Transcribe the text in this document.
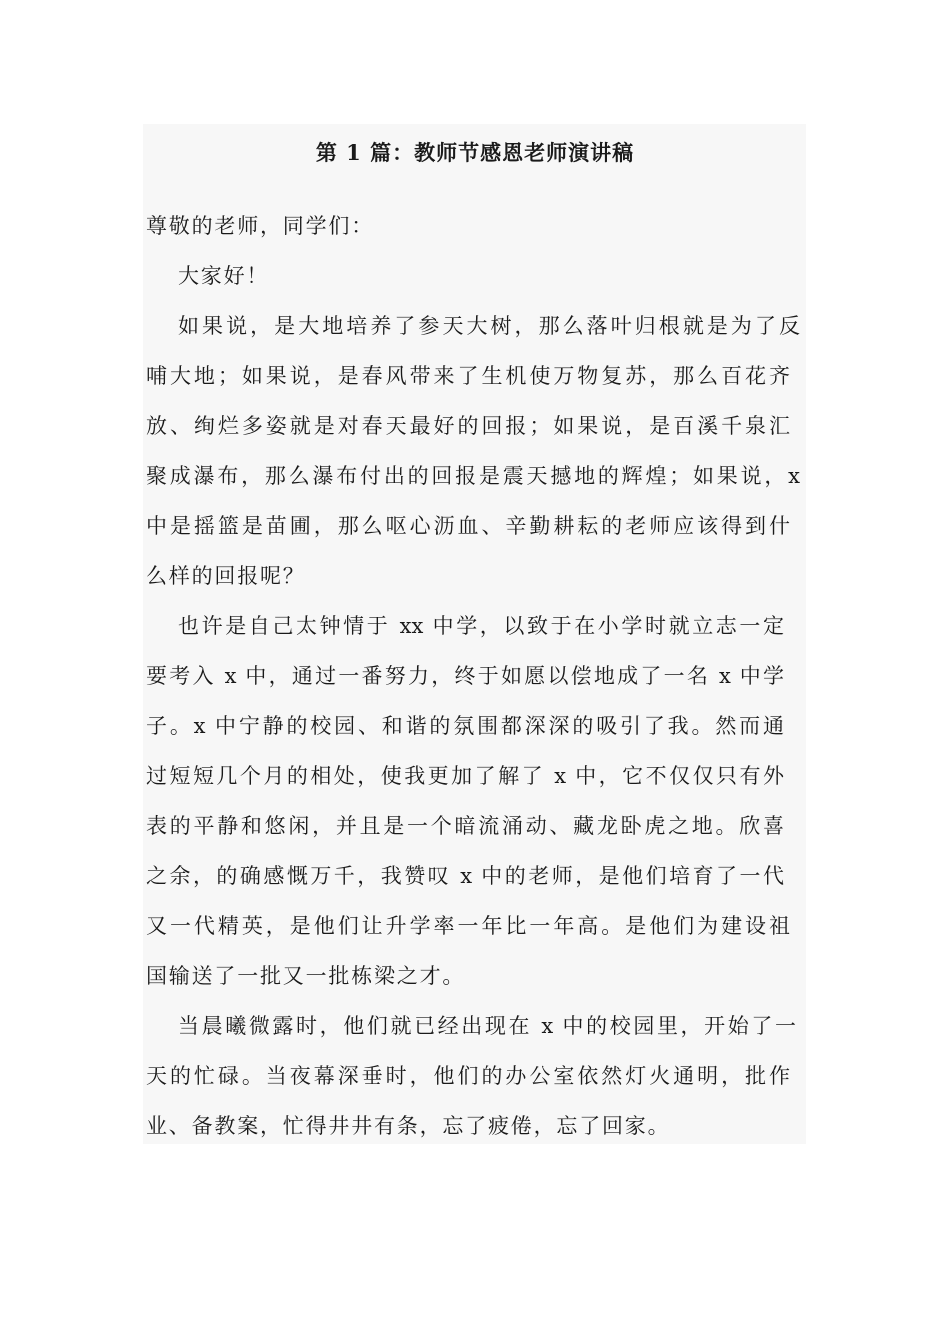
第 1 篇：教师节感恩老师演讲稿

尊敬的老师，同学们：

大家好！

如果说，是大地培养了参天大树，那么落叶归根就是为了反

哺大地；如果说，是春风带来了生机使万物复苏，那么百花齐

放、绚烂多姿就是对春天最好的回报；如果说，是百溪千泉汇

聚成瀑布，那么瀑布付出的回报是震天撼地的辉煌；如果说，x

中是摇篮是苗圃，那么呕心沥血、辛勤耕耘的老师应该得到什

么样的回报呢？

也许是自己太钟情于 xx 中学，以致于在小学时就立志一定

要考入 x 中，通过一番努力，终于如愿以偿地成了一名 x 中学

子。x 中宁静的校园、和谐的氛围都深深的吸引了我。然而通

过短短几个月的相处，使我更加了解了 x 中，它不仅仅只有外

表的平静和悠闲，并且是一个暗流涌动、藏龙卧虎之地。欣喜

之余，的确感慨万千，我赞叹 x 中的老师，是他们培育了一代

又一代精英，是他们让升学率一年比一年高。是他们为建设祖

国输送了一批又一批栋梁之才。

当晨曦微露时，他们就已经出现在 x 中的校园里，开始了一

天的忙碌。当夜幕深垂时，他们的办公室依然灯火通明，批作

业、备教案，忙得井井有条，忘了疲倦，忘了回家。
